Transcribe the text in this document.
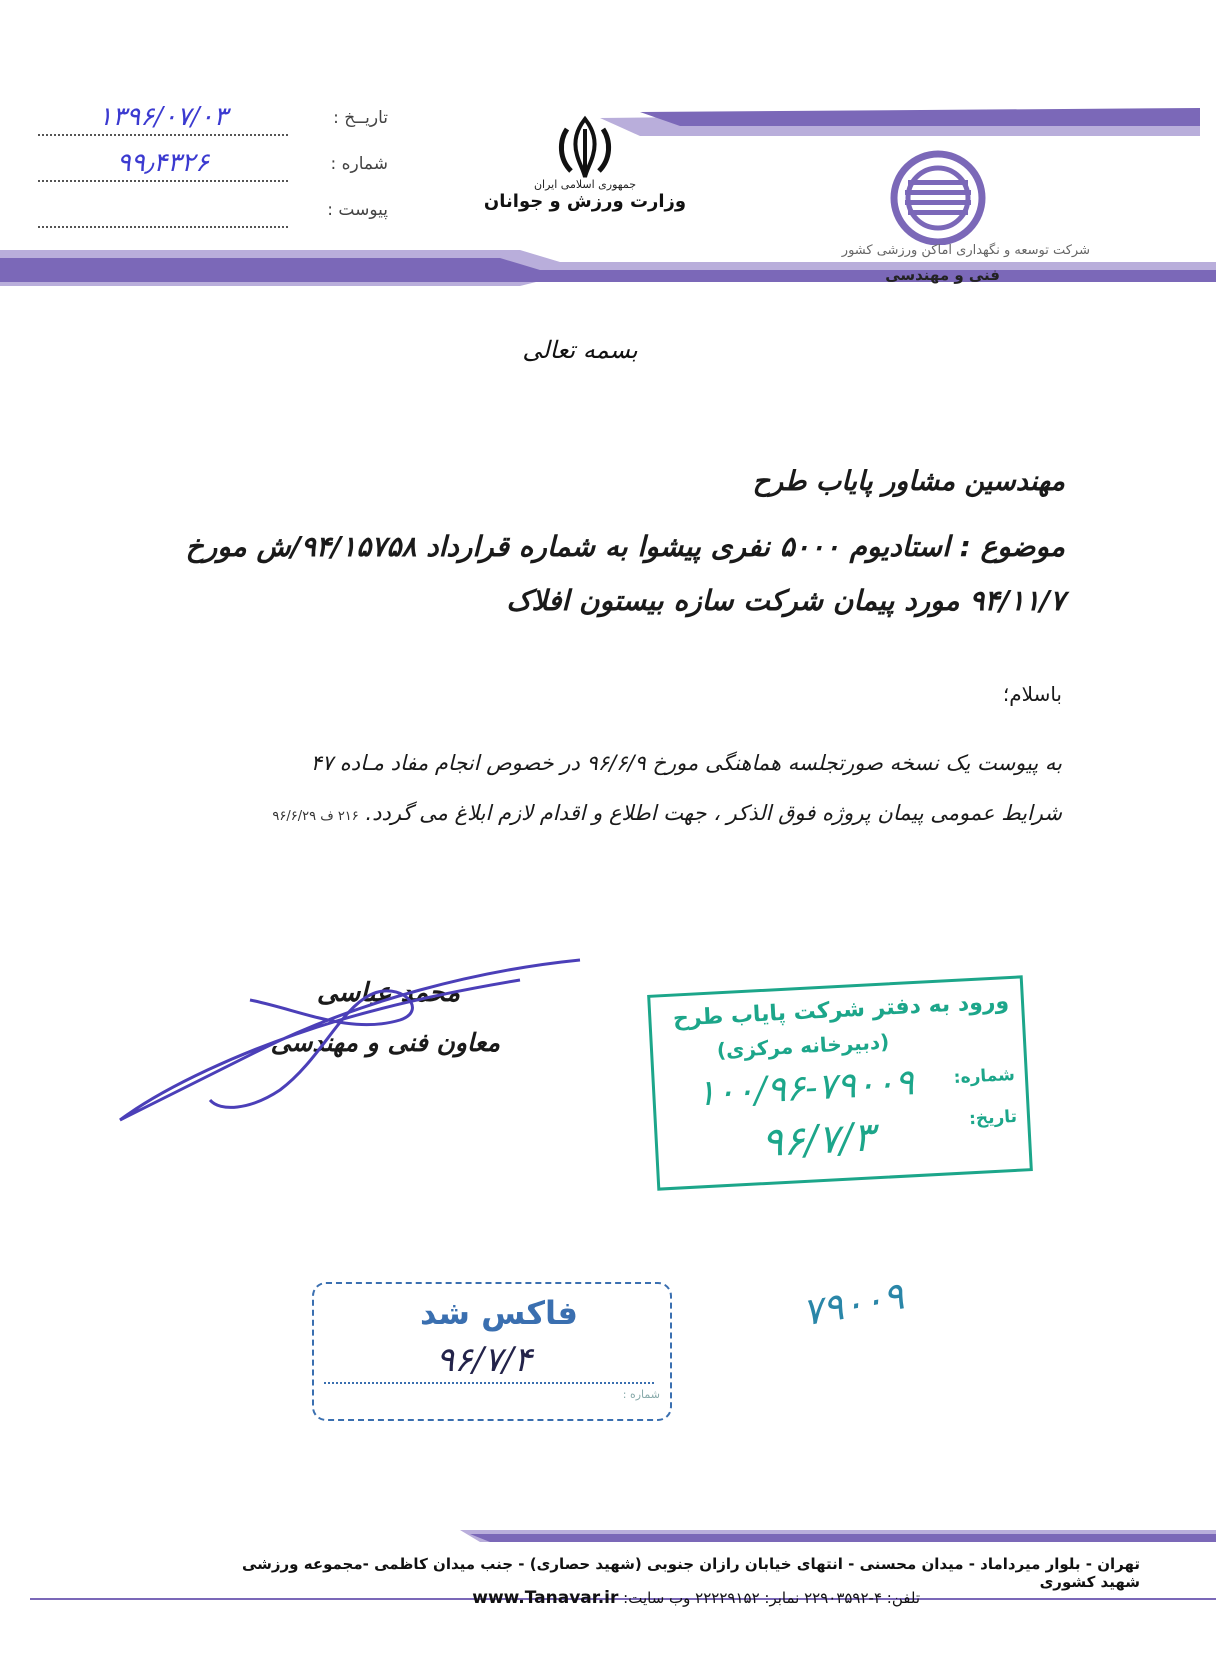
تاریــخ :
۱۳۹۶/۰۷/۰۳
شماره :
۹۹٫۴۳۲۶
پیوست :
جمهوری اسلامی ایران
وزارت ورزش و جوانان
شرکت توسعه و نگهداری اماکن ورزشی کشور
فنی و مهندسی
بسمه تعالی
مهندسین مشاور پایاب طرح
موضوع : استادیوم ۵۰۰۰ نفری پیشوا به شماره قرارداد ۹۴/۱۵۷۵۸/ش مورخ
۹۴/۱۱/۷ مورد پیمان شرکت سازه بیستون افلاک
باسلام؛
به پیوست یک نسخه صورتجلسه هماهنگی مورخ ۹۶/۶/۹ در خصوص انجام مفاد مـاده ۴۷
شرایط عمومی پیمان پروژه فوق الذکر ، جهت اطلاع و اقدام لازم ابلاغ می گردد. ۲۱۶ ف ۹۶/۶/۲۹
محمد عباسی
معاون فنی و مهندسی
ورود به دفتر شرکت پایاب طرح
(دبیرخانه مرکزی)
شماره:
۱۰۰/۹۶-۷۹۰۰۹
تاریخ:
۹۶/۷/۳
فاکس شد
۹۶/۷/۴
شماره :
۷۹۰۰۹
تهران - بلوار میرداماد - میدان محسنی - انتهای خیابان رازان جنوبی (شهید حصاری) - جنب میدان کاظمی -مجموعه ورزشی شهید کشوری
تلفن: ۴-۲۲۹۰۳۵۹۲ نمابر: ۲۲۲۲۹۱۵۲ وب سایت: www.Tanavar.ir
